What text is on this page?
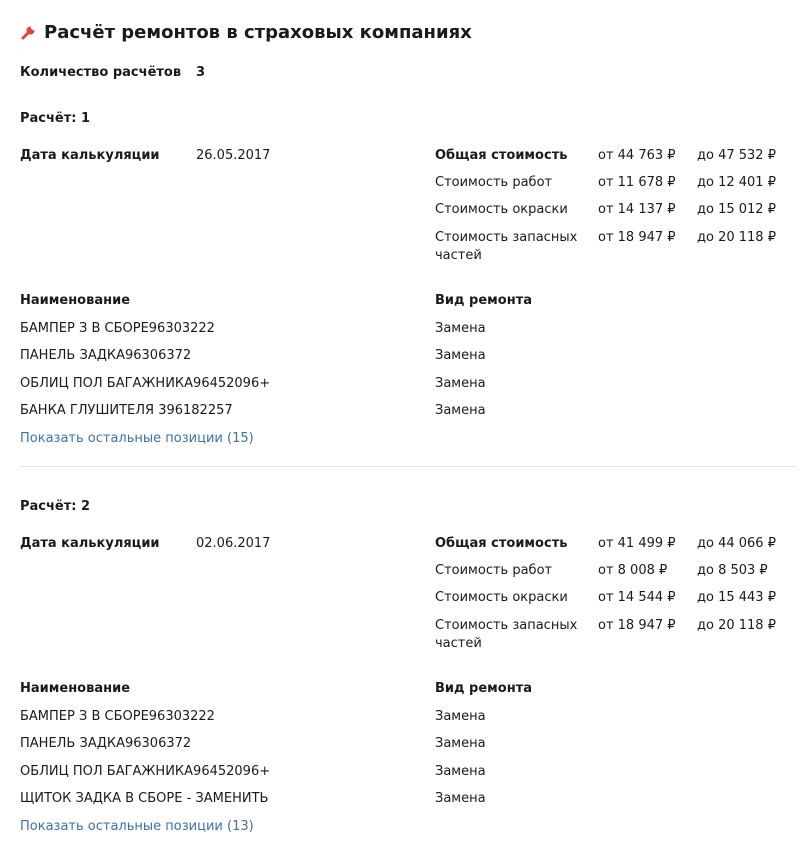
Расчёт ремонтов в страховых компаниях
Количество расчётов 3
Расчёт: 1
Дата калькуляции	26.05.2017	Общая стоимость от 44 763 ₽ до 47 532 ₽
Стоимость работ	от 11 678 ₽ до 12 401 ₽
Стоимость окраски от 14 137 ₽ до 15 012 ₽
Стоимость запасных
частей
от 18 947 ₽ до 20 118 ₽
Наименование	Вид ремонта
БАМПЕР З В СБОРЕ96303222	Замена
ПАНЕЛЬ ЗАДКА96306372	Замена
ОБЛИЦ ПОЛ БАГАЖНИКА96452096+	Замена
БАНКА ГЛУШИТЕЛЯ 396182257	Замена
Показать остальные позиции (15)
Расчёт: 2
Дата калькуляции	02.06.2017	Общая стоимость от 41 499 ₽ до 44 066 ₽
Стоимость работ	от 8 008 ₽ до 8 503 ₽
Стоимость окраски от 14 544 ₽ до 15 443 ₽
Стоимость запасных
частей
от 18 947 ₽ до 20 118 ₽
Наименование	Вид ремонта
БАМПЕР З В СБОРЕ96303222	Замена
ПАНЕЛЬ ЗАДКА96306372	Замена
ОБЛИЦ ПОЛ БАГАЖНИКА96452096+	Замена
ЩИТОК ЗАДКА В СБОРЕ - ЗАМЕНИТЬ	Замена
Показать остальные позиции (13)
